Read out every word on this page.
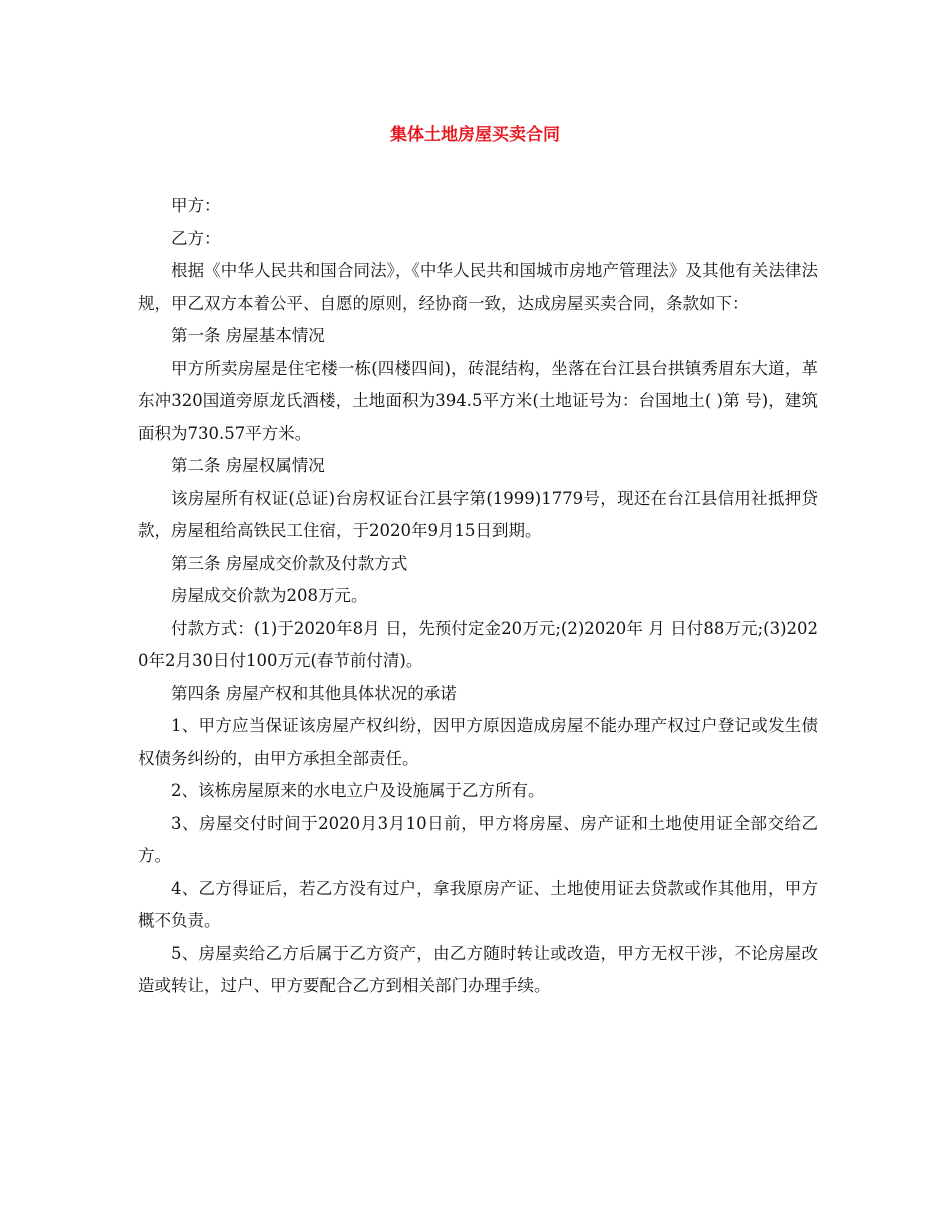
集体土地房屋买卖合同

甲方：

乙方：

根据《中华人民共和国合同法》，《中华人民共和国城市房地产管理法》及其他有关法律法规，甲乙双方本着公平、自愿的原则，经协商一致，达成房屋买卖合同，条款如下：

第一条 房屋基本情况

甲方所卖房屋是住宅楼一栋(四楼四间)，砖混结构，坐落在台江县台拱镇秀眉东大道，革东冲320国道旁原龙氏酒楼，土地面积为394.5平方米(土地证号为：台国地土( )第 号)，建筑面积为730.57平方米。

第二条 房屋权属情况

该房屋所有权证(总证)台房权证台江县字第(1999)1779号，现还在台江县信用社抵押贷款，房屋租给高铁民工住宿，于2020年9月15日到期。

第三条 房屋成交价款及付款方式

房屋成交价款为208万元。

付款方式：(1)于2020年8月 日，先预付定金20万元;(2)2020年 月 日付88万元;(3)2020年2月30日付100万元(春节前付清)。

第四条 房屋产权和其他具体状况的承诺

1、甲方应当保证该房屋产权纠纷，因甲方原因造成房屋不能办理产权过户登记或发生债权债务纠纷的，由甲方承担全部责任。

2、该栋房屋原来的水电立户及设施属于乙方所有。

3、房屋交付时间于2020月3月10日前，甲方将房屋、房产证和土地使用证全部交给乙方。

4、乙方得证后，若乙方没有过户，拿我原房产证、土地使用证去贷款或作其他用，甲方概不负责。

5、房屋卖给乙方后属于乙方资产，由乙方随时转让或改造，甲方无权干涉，不论房屋改造或转让，过户、甲方要配合乙方到相关部门办理手续。
